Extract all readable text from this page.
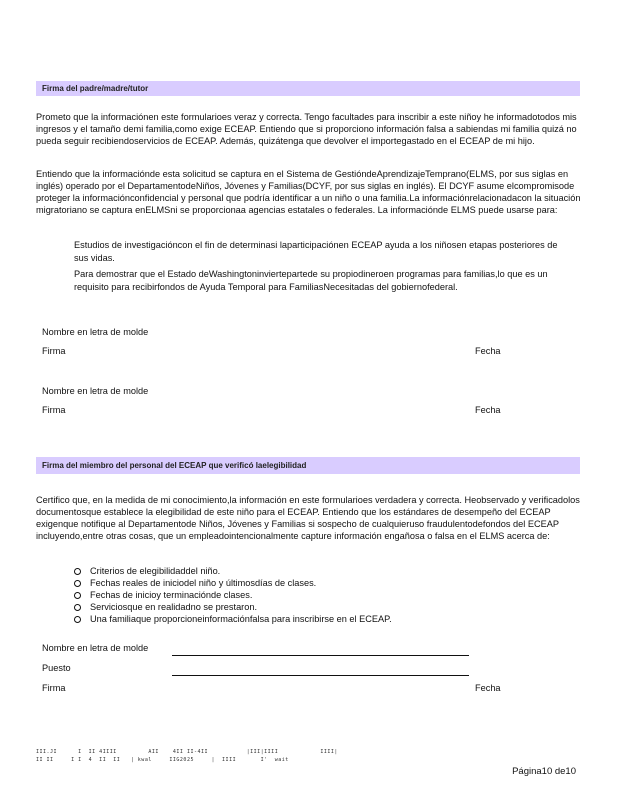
Firma del padre/madre/tutor

Prometo que la informaciónen este formularioes veraz y correcta. Tengo facultades para inscribir a este niñoy he informadotodos mis ingresos y el tamaño demi familia,como exige ECEAP. Entiendo que si proporciono información falsa a sabiendas mi familia quizá no pueda seguir recibiendoservicios de ECEAP. Además, quizátenga que devolver el importegastado en el ECEAP de mi hijo.

Entiendo que la informacióndе esta solicitud se captura en el Sistema de GestióndeAprendizajeTemprano(ELMS, por sus siglas en inglés) operado por el DepartamentodeNiños, Jóvenes y Familias(DCYF, por sus siglas en inglés). El DCYF asume elcompromisode proteger la informaciónconfidencial y personal que podría identificar a un niño o una familia.La informaciónrelacionadacon la situación migratoriano se captura enELMSni se proporcionaa agencias estatales o federales. La informacióndе ELMS puede usarse para:

Estudios de investigaciónсon el fin de determinasi laparticipaciónen ECEAP ayuda a los niñosen etapas posteriores de sus vidas.
Para demostrar que el Estado deWashingtoninviertepartede su propiodineroen programas para familias,lo que es un requisito para recibirfondos de Ayuda Temporal para FamiliasNecesitadas del gobiernofederal.
Nombre en letra de molde
Firma	Fecha
Nombre en letra de molde
Firma	Fecha
Firma del miembro del personal del ECEAP que verificó laelegibilidad

Certifico que, en la medida de mi conocimiento,la información en este formularioes verdadera y correcta. Heobservado y verificadolos documentosque establece la elegibilidad de este niño para el ECEAP. Entiendo que los estándares de desempeño del ECEAP exigenque notifique al Departamentode Niños, Jóvenes y Familias si sospecho de cualquieruso fraudulentodefondos del ECEAP incluyendo,entre otras cosas, que un empleadointencionalmente capture información engañosa o falsa en el ELMS acerca de:

Criterios de elegibilidaddel niño.
Fechas reales de iniciodel niño y últimosdías de clases.
Fechas de inicioy terminacióndе clases.
Serviciosque en realidadno se prestaron.
Una familiaque proporcioneinformaciónfalsa para inscribirse en el ECEAP.
Nombre en letra de molde
Puesto
Firma	Fecha
III.JI      I  II 4IIII         AII    4II II-4II           |III|IIII            IIII|
II II     I I  4  II  II   | kwal     IIG2025     |  IIII       I'  wait
Página10 de10
